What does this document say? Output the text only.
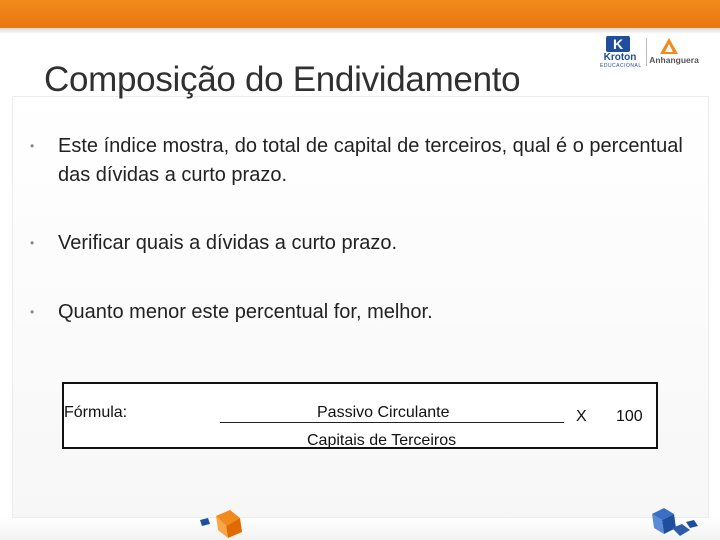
Composição do Endividamento
K
Kroton
EDUCACIONAL
Anhanguera
•	Este índice mostra, do total de capital de terceiros, qual é o percentual das dívidas a curto prazo.
•	Verificar quais a dívidas a curto prazo.
•	Quanto menor este percentual for, melhor.
Fórmula:	Passivo Circulante
Capitais de Terceiros
X 100
